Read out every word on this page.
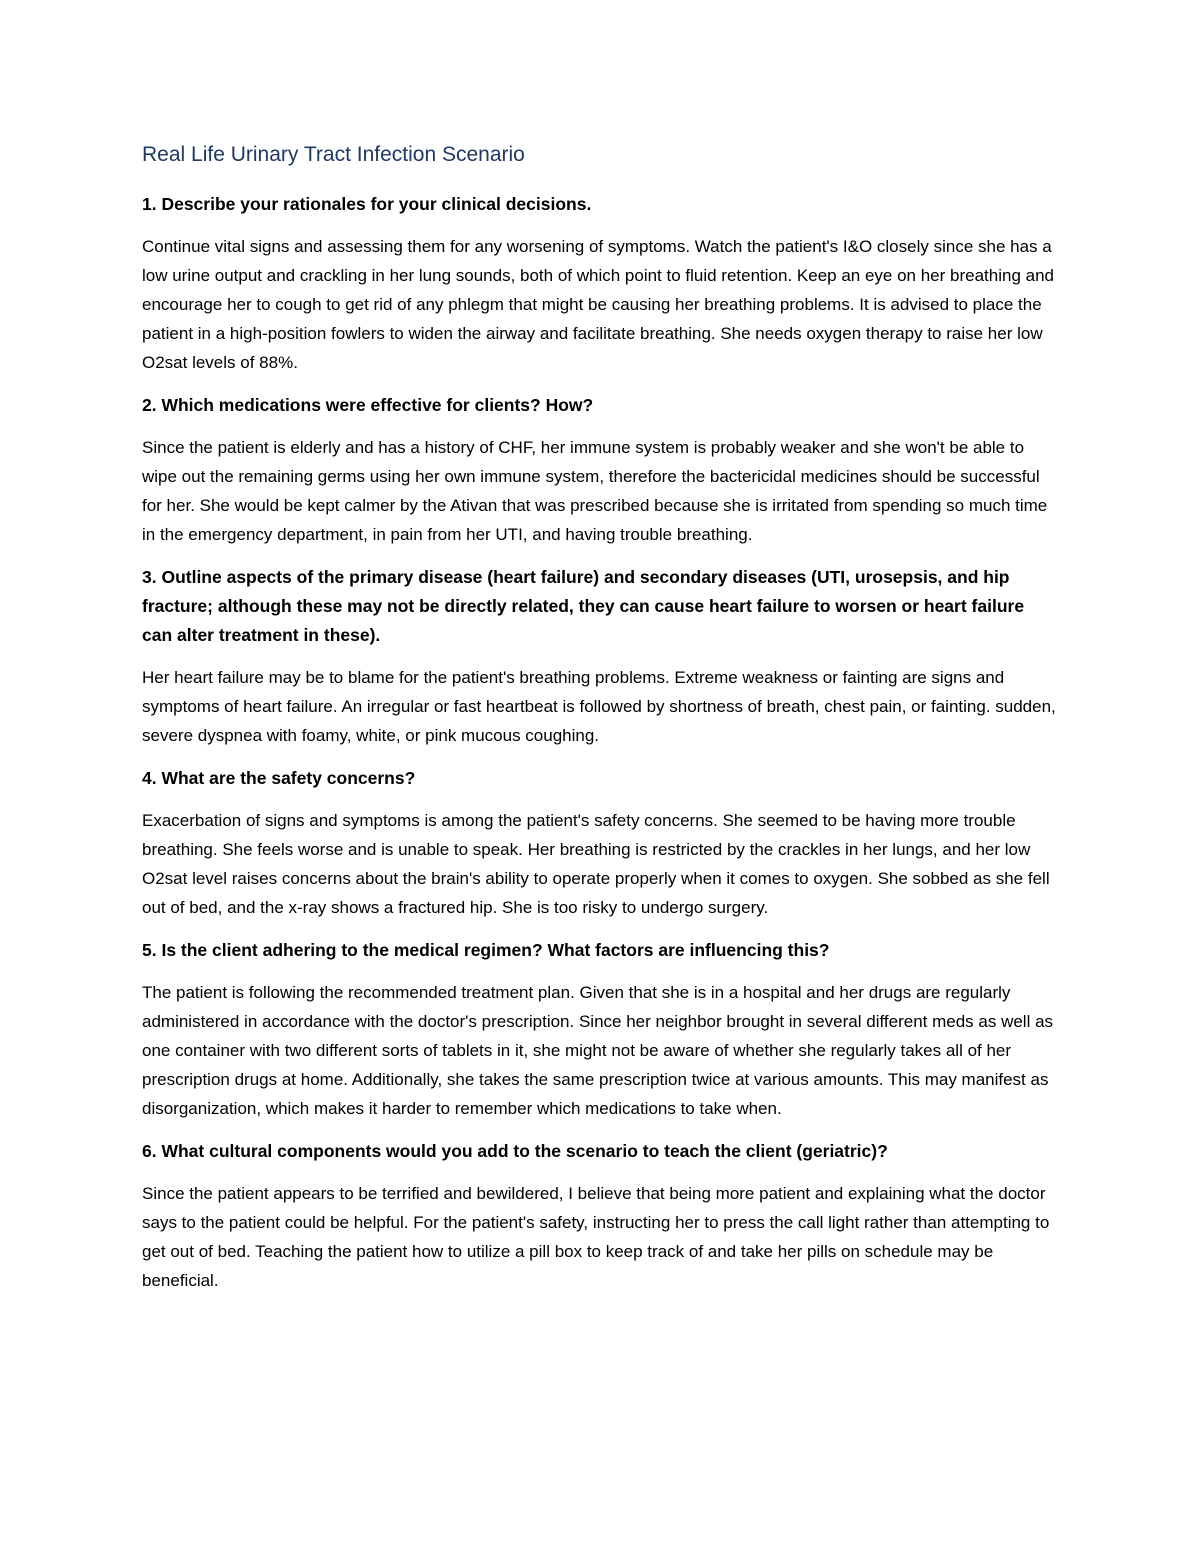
Real Life Urinary Tract Infection Scenario

1. Describe your rationales for your clinical decisions.

Continue vital signs and assessing them for any worsening of symptoms. Watch the patient's I&O closely since she has a low urine output and crackling in her lung sounds, both of which point to fluid retention. Keep an eye on her breathing and encourage her to cough to get rid of any phlegm that might be causing her breathing problems. It is advised to place the patient in a high-position fowlers to widen the airway and facilitate breathing. She needs oxygen therapy to raise her low O2sat levels of 88%.

2. Which medications were effective for clients? How?

Since the patient is elderly and has a history of CHF, her immune system is probably weaker and she won't be able to wipe out the remaining germs using her own immune system, therefore the bactericidal medicines should be successful for her. She would be kept calmer by the Ativan that was prescribed because she is irritated from spending so much time in the emergency department, in pain from her UTI, and having trouble breathing.

3. Outline aspects of the primary disease (heart failure) and secondary diseases (UTI, urosepsis, and hip fracture; although these may not be directly related, they can cause heart failure to worsen or heart failure can alter treatment in these).

Her heart failure may be to blame for the patient's breathing problems. Extreme weakness or fainting are signs and symptoms of heart failure. An irregular or fast heartbeat is followed by shortness of breath, chest pain, or fainting. sudden, severe dyspnea with foamy, white, or pink mucous coughing.

4. What are the safety concerns?

Exacerbation of signs and symptoms is among the patient's safety concerns. She seemed to be having more trouble breathing. She feels worse and is unable to speak. Her breathing is restricted by the crackles in her lungs, and her low O2sat level raises concerns about the brain's ability to operate properly when it comes to oxygen. She sobbed as she fell out of bed, and the x-ray shows a fractured hip. She is too risky to undergo surgery.

5. Is the client adhering to the medical regimen? What factors are influencing this?

The patient is following the recommended treatment plan. Given that she is in a hospital and her drugs are regularly administered in accordance with the doctor's prescription. Since her neighbor brought in several different meds as well as one container with two different sorts of tablets in it, she might not be aware of whether she regularly takes all of her prescription drugs at home. Additionally, she takes the same prescription twice at various amounts. This may manifest as disorganization, which makes it harder to remember which medications to take when.

6. What cultural components would you add to the scenario to teach the client (geriatric)?

Since the patient appears to be terrified and bewildered, I believe that being more patient and explaining what the doctor says to the patient could be helpful. For the patient's safety, instructing her to press the call light rather than attempting to get out of bed. Teaching the patient how to utilize a pill box to keep track of and take her pills on schedule may be beneficial.
